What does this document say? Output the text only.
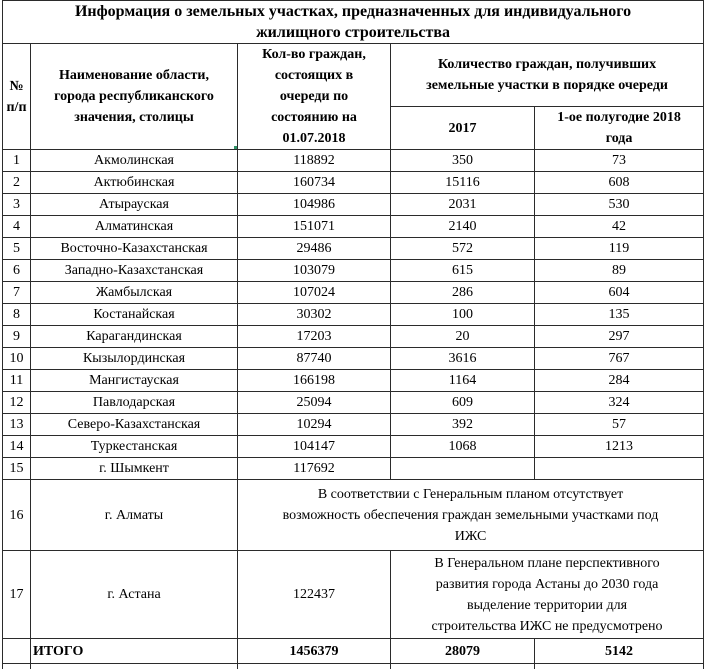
Информация о земельных участках, предназначенных для индивидуального
жилищного строительства				

№
п/п

Наименование области,
города республиканского
значения, столицы

Кол-во граждан,
состоящих в
очереди по
состоянию на
01.07.2018

Количество граждан, получивших
земельные участки в порядке очереди

			2017	1-ое полугодие 2018
года

1	Акмолинская	118892	350	73
2	Актюбинская	160734	15116	608
3	Атырауская	104986	2031	530
4	Алматинская	151071	2140	42
5	Восточно-Казахстанская	29486	572	119
6	Западно-Казахстанская	103079	615	89
7	Жамбылская	107024	286	604
8	Костанайская	30302	100	135
9	Карагандинская	17203	20	297
10	Кызылординская	87740	3616	767
11	Мангистауская	166198	1164	284
12	Павлодарская	25094	609	324
13	Северо-Казахстанская	10294	392	57
14	Туркестанская	104147	1068	1213
15	г. Шымкент	117692		
16	г. Алматы	В соответствии с Генеральным планом отсутствует
возможность обеспечения граждан земельными участками под
ИЖС		

17	г. Астана	122437	В Генеральном плане перспективного
развития города Астаны до 2030 года
выделение территории для
строительства ИЖС не предусмотрено	

	ИТОГО	1456379	28079	5142
